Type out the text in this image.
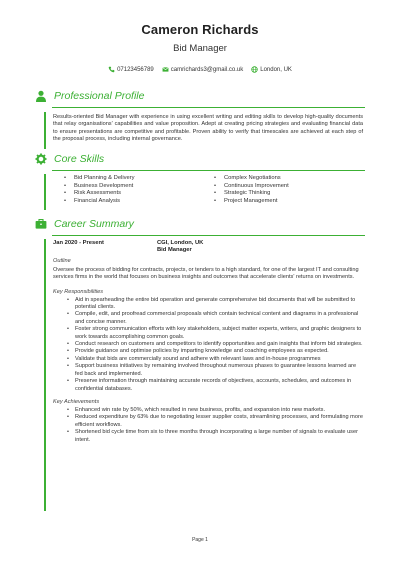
Cameron Richards
Bid Manager
07123456789	camrichards3@gmail.co.uk	London, UK
Professional Profile
Results-oriented Bid Manager with experience in using excellent writing and editing skills to develop high-quality documents that relay organisations' capabilities and value proposition. Adept at creating pricing strategies and evaluating financial data to ensure presentations are competitive and profitable. Proven ability to verify that timescales are achieved at each step of the proposal process, including internal governance.
Core Skills
• Bid Planning & Delivery
• Business Development
• Risk Assessments
• Financial Analysis
• Complex Negotiations
• Continuous Improvement
• Strategic Thinking
• Project Management
Career Summary
Jan 2020 - Present	CGI, London, UK
Bid Manager
Outline
Oversee the process of bidding for contracts, projects, or tenders to a high standard, for one of the largest IT and consulting services firms in the world that focuses on business insights and outcomes that accelerate clients' returns on investments.
Key Responsibilities
• Aid in spearheading the entire bid operation and generate comprehensive bid documents that will be submitted to potential clients.
• Compile, edit, and proofread commercial proposals which contain technical content and diagrams in a professional and concise manner.
• Foster strong communication efforts with key stakeholders, subject matter experts, writers, and graphic designers to work towards accomplishing common goals.
• Conduct research on customers and competitors to identify opportunities and gain insights that inform bid strategies.
• Provide guidance and optimise policies by imparting knowledge and coaching employees as expected.
• Validate that bids are commercially sound and adhere with relevant laws and in-house programmes
• Support business initiatives by remaining involved throughout numerous phases to guarantee lessons learned are fed back and implemented.
• Preserve information through maintaining accurate records of objectives, accounts, schedules, and outcomes in confidential databases.
Key Achievements
• Enhanced win rate by 50%, which resulted in new business, profits, and expansion into new markets.
• Reduced expenditure by 63% due to negotiating lesser supplier costs, streamlining processes, and formulating more efficient workflows.
• Shortened bid cycle time from six to three months through incorporating a large number of signals to evaluate user intent.
Page 1
